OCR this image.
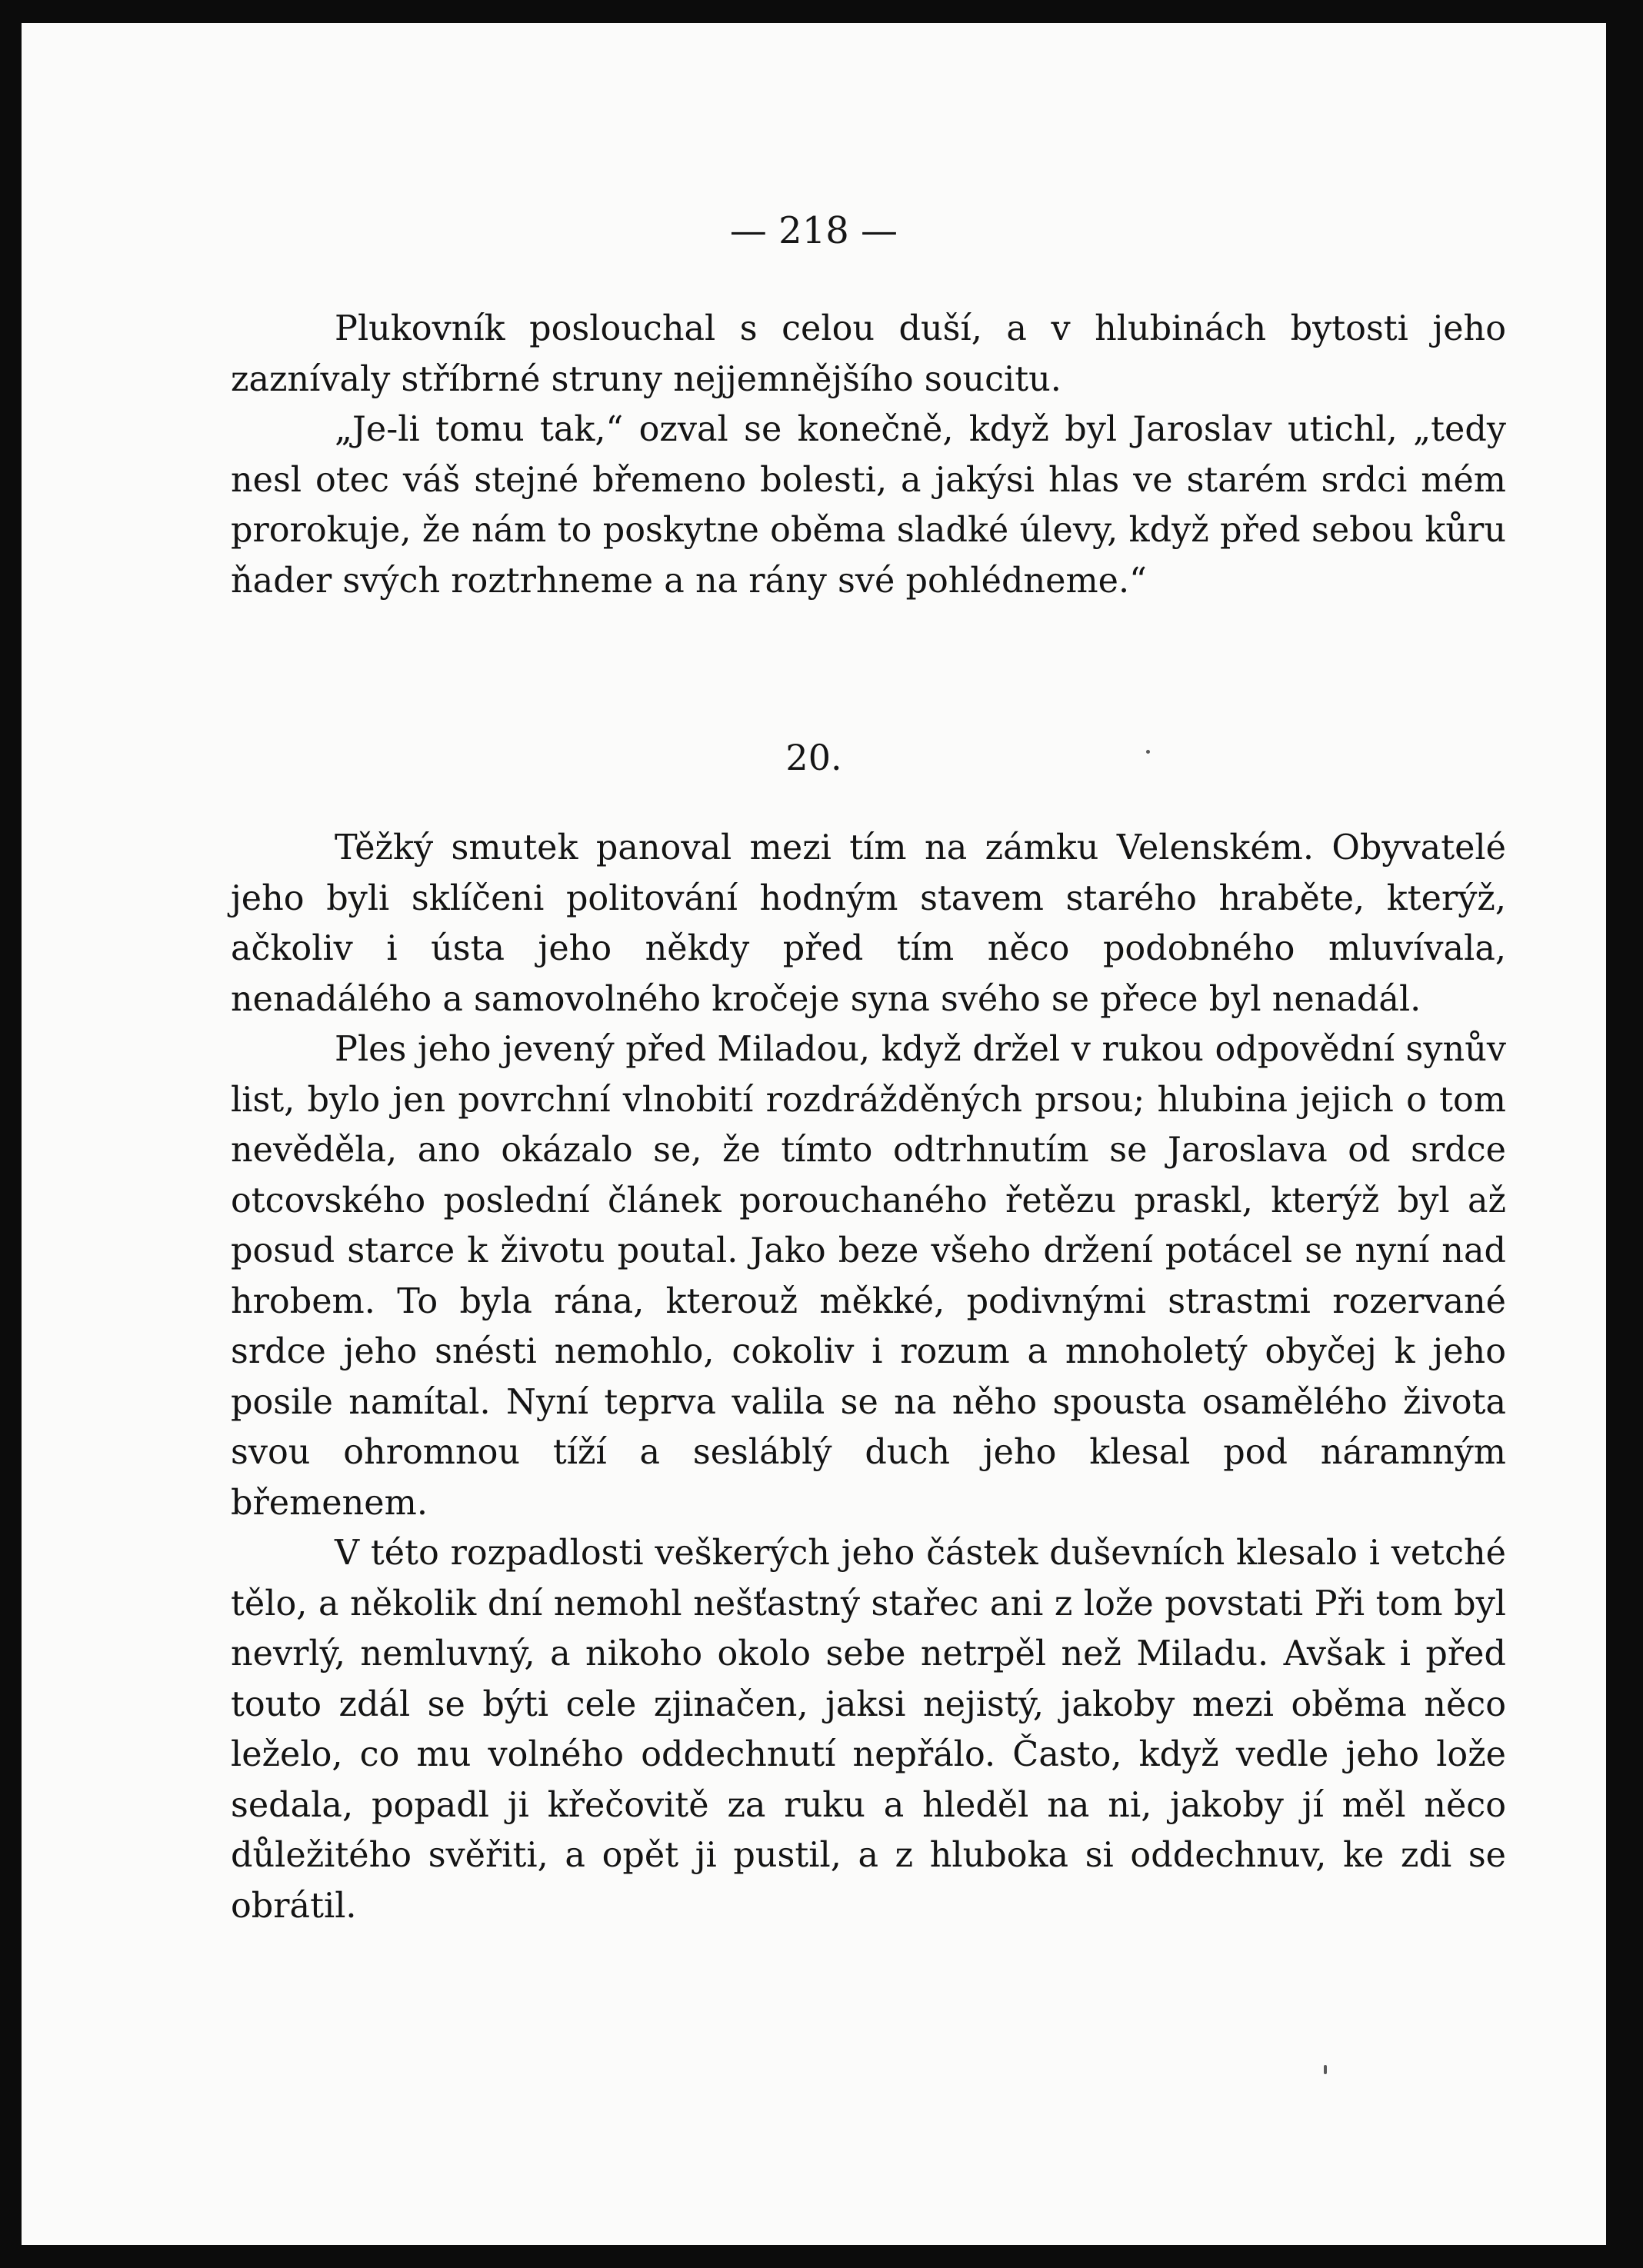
— 218 —

Plukovník poslouchal s celou duší, a v hlubinách bytosti jeho zaznívaly stříbrné struny nejjemnějšího soucitu.

„Je-li tomu tak,“ ozval se konečně, když byl Jaroslav utichl, „tedy nesl otec váš stejné břemeno bolesti, a jakýsi hlas ve starém srdci mém prorokuje, že nám to poskytne oběma sladké úlevy, když před sebou kůru ňader svých roztrhneme a na rány své pohlédneme.“

20.

Těžký smutek panoval mezi tím na zámku Velenském. Obyvatelé jeho byli sklíčeni politování hodným stavem starého hraběte, kterýž, ačkoliv i ústa jeho někdy před tím něco podobného mluvívala, nenadálého a samovolného kročeje syna svého se přece byl nenadál.

Ples jeho jevený před Miladou, když držel v rukou odpovědní synův list, bylo jen povrchní vlnobití rozdrážděných prsou; hlubina jejich o tom nevěděla, ano okázalo se, že tímto odtrhnutím se Jaroslava od srdce otcovského poslední článek porouchaného řetězu praskl, kterýž byl až posud starce k životu poutal. Jako beze všeho držení potácel se nyní nad hrobem. To byla rána, kterouž měkké, podivnými strastmi rozervané srdce jeho snésti nemohlo, cokoliv i rozum a mnoholetý obyčej k jeho posile namítal. Nyní teprva valila se na něho spousta osamělého života svou ohromnou tíží a sesláblý duch jeho klesal pod náramným břemenem.

V této rozpadlosti veškerých jeho částek duševních klesalo i vetché tělo, a několik dní nemohl nešťastný stařec ani z lože povstati Při tom byl nevrlý, nemluvný, a nikoho okolo sebe netrpěl než Miladu. Avšak i před touto zdál se býti cele zjinačen, jaksi nejistý, jakoby mezi oběma něco leželo, co mu volného oddechnutí nepřálo. Často, když vedle jeho lože sedala, popadl ji křečovitě za ruku a hleděl na ni, jakoby jí měl něco důležitého svěřiti, a opět ji pustil, a z hluboka si oddechnuv, ke zdi se obrátil.
